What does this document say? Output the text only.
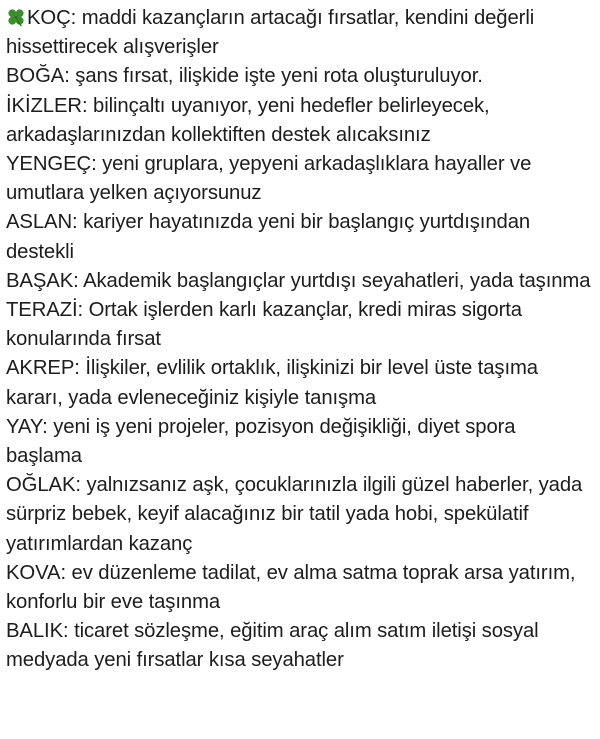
KOÇ: maddi kazançların artacağı fırsatlar, kendini değerli hissettirecek alışverişler

BOĞA: şans fırsat, ilişkide işte yeni rota oluşturuluyor.

İKİZLER: bilinçaltı uyanıyor, yeni hedefler belirleyecek, arkadaşlarınızdan kollektiften destek alıcaksınız

YENGEÇ: yeni gruplara, yepyeni arkadaşlıklara hayaller ve umutlara yelken açıyorsunuz

ASLAN: kariyer hayatınızda yeni bir başlangıç yurtdışından destekli

BAŞAK: Akademik başlangıçlar yurtdışı seyahatleri, yada taşınma

TERAZİ: Ortak işlerden karlı kazançlar, kredi miras sigorta konularında fırsat

AKREP: İlişkiler, evlilik ortaklık, ilişkinizi bir level üste taşıma kararı, yada evleneceğiniz kişiyle tanışma

YAY: yeni iş yeni projeler, pozisyon değişikliği, diyet spora başlama

OĞLAK: yalnızsanız aşk, çocuklarınızla ilgili güzel haberler, yada sürpriz bebek, keyif alacağınız bir tatil yada hobi, spekülatif yatırımlardan kazanç

KOVA: ev düzenleme tadilat, ev alma satma toprak arsa yatırım, konforlu bir eve taşınma

BALIK: ticaret sözleşme, eğitim araç alım satım iletişi sosyal medyada yeni fırsatlar kısa seyahatler
